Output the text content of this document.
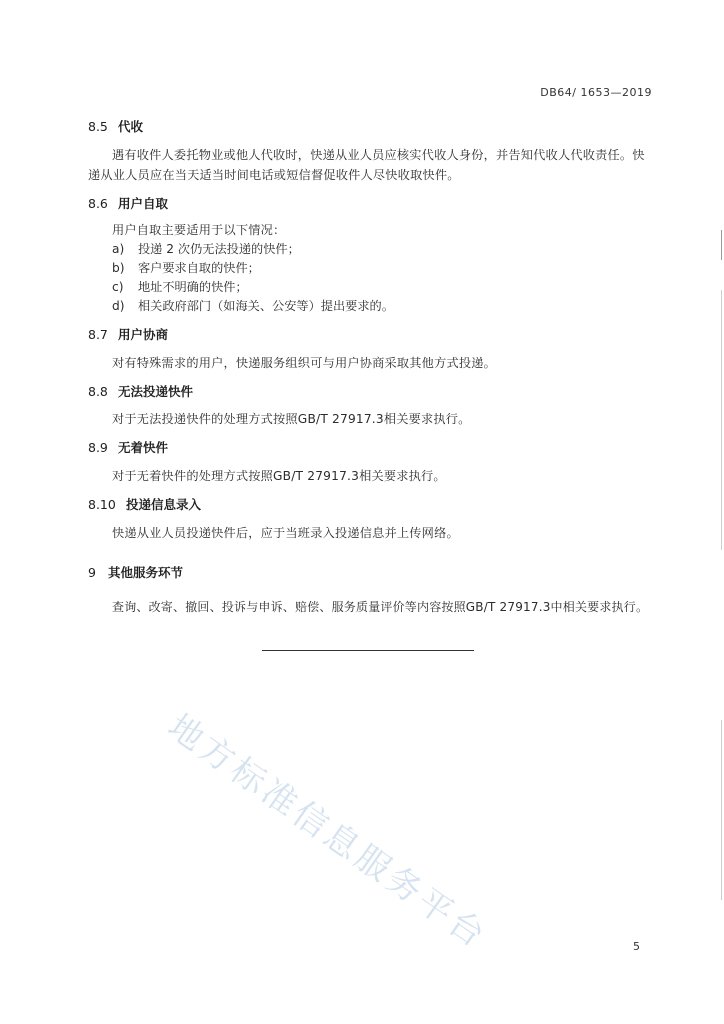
DB64/ 1653—2019
8.5 代收
遇有收件人委托物业或他人代收时，快递从业人员应核实代收人身份，并告知代收人代收责任。快
递从业人员应在当天适当时间电话或短信督促收件人尽快收取快件。
8.6 用户自取
用户自取主要适用于以下情况：
a) 投递 2 次仍无法投递的快件；
b) 客户要求自取的快件；
c) 地址不明确的快件；
d) 相关政府部门（如海关、公安等）提出要求的。
8.7 用户协商
对有特殊需求的用户，快递服务组织可与用户协商采取其他方式投递。
8.8 无法投递快件
对于无法投递快件的处理方式按照GB/T 27917.3相关要求执行。
8.9 无着快件
对于无着快件的处理方式按照GB/T 27917.3相关要求执行。
8.10 投递信息录入
快递从业人员投递快件后，应于当班录入投递信息并上传网络。
9 其他服务环节
查询、改寄、撤回、投诉与申诉、赔偿、服务质量评价等内容按照GB/T 27917.3中相关要求执行。
地方标准信息服务平台	5
